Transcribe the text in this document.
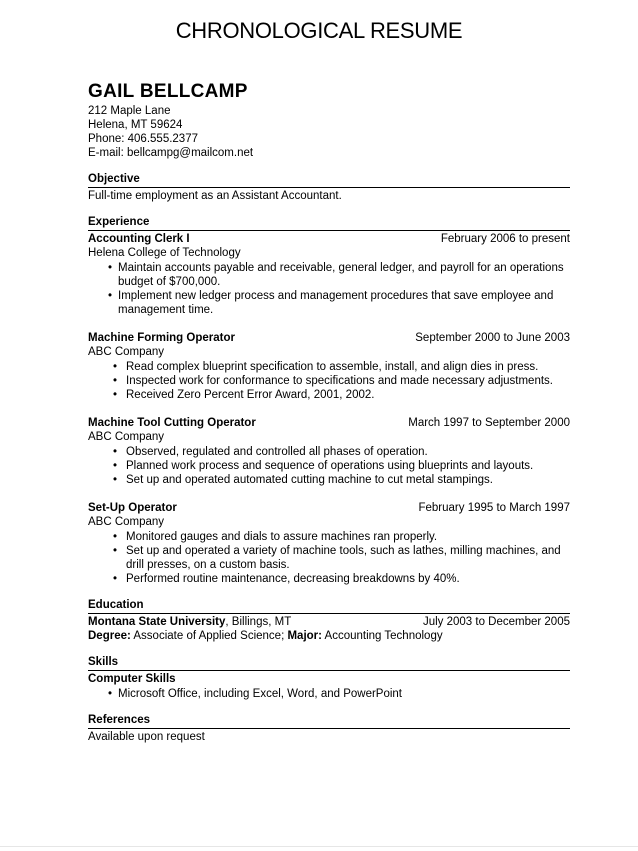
CHRONOLOGICAL RESUME
GAIL BELLCAMP
212 Maple Lane
Helena, MT 59624
Phone: 406.555.2377
E-mail: bellcampg@mailcom.net
Objective
Full-time employment as an Assistant Accountant.
Experience
Accounting Clerk I	February 2006 to present
Helena College of Technology
• Maintain accounts payable and receivable, general ledger, and payroll for an operations budget of $700,000.
• Implement new ledger process and management procedures that save employee and management time.
Machine Forming Operator	September 2000 to June 2003
ABC Company
• Read complex blueprint specification to assemble, install, and align dies in press.
• Inspected work for conformance to specifications and made necessary adjustments.
• Received Zero Percent Error Award, 2001, 2002.
Machine Tool Cutting Operator	March 1997 to September 2000
ABC Company
• Observed, regulated and controlled all phases of operation.
• Planned work process and sequence of operations using blueprints and layouts.
• Set up and operated automated cutting machine to cut metal stampings.
Set-Up Operator	February 1995 to March 1997
ABC Company
• Monitored gauges and dials to assure machines ran properly.
• Set up and operated a variety of machine tools, such as lathes, milling machines, and drill presses, on a custom basis.
• Performed routine maintenance, decreasing breakdowns by 40%.
Education
Montana State University, Billings, MT	July 2003 to December 2005
Degree: Associate of Applied Science; Major: Accounting Technology
Skills
Computer Skills
• Microsoft Office, including Excel, Word, and PowerPoint
References
Available upon request
